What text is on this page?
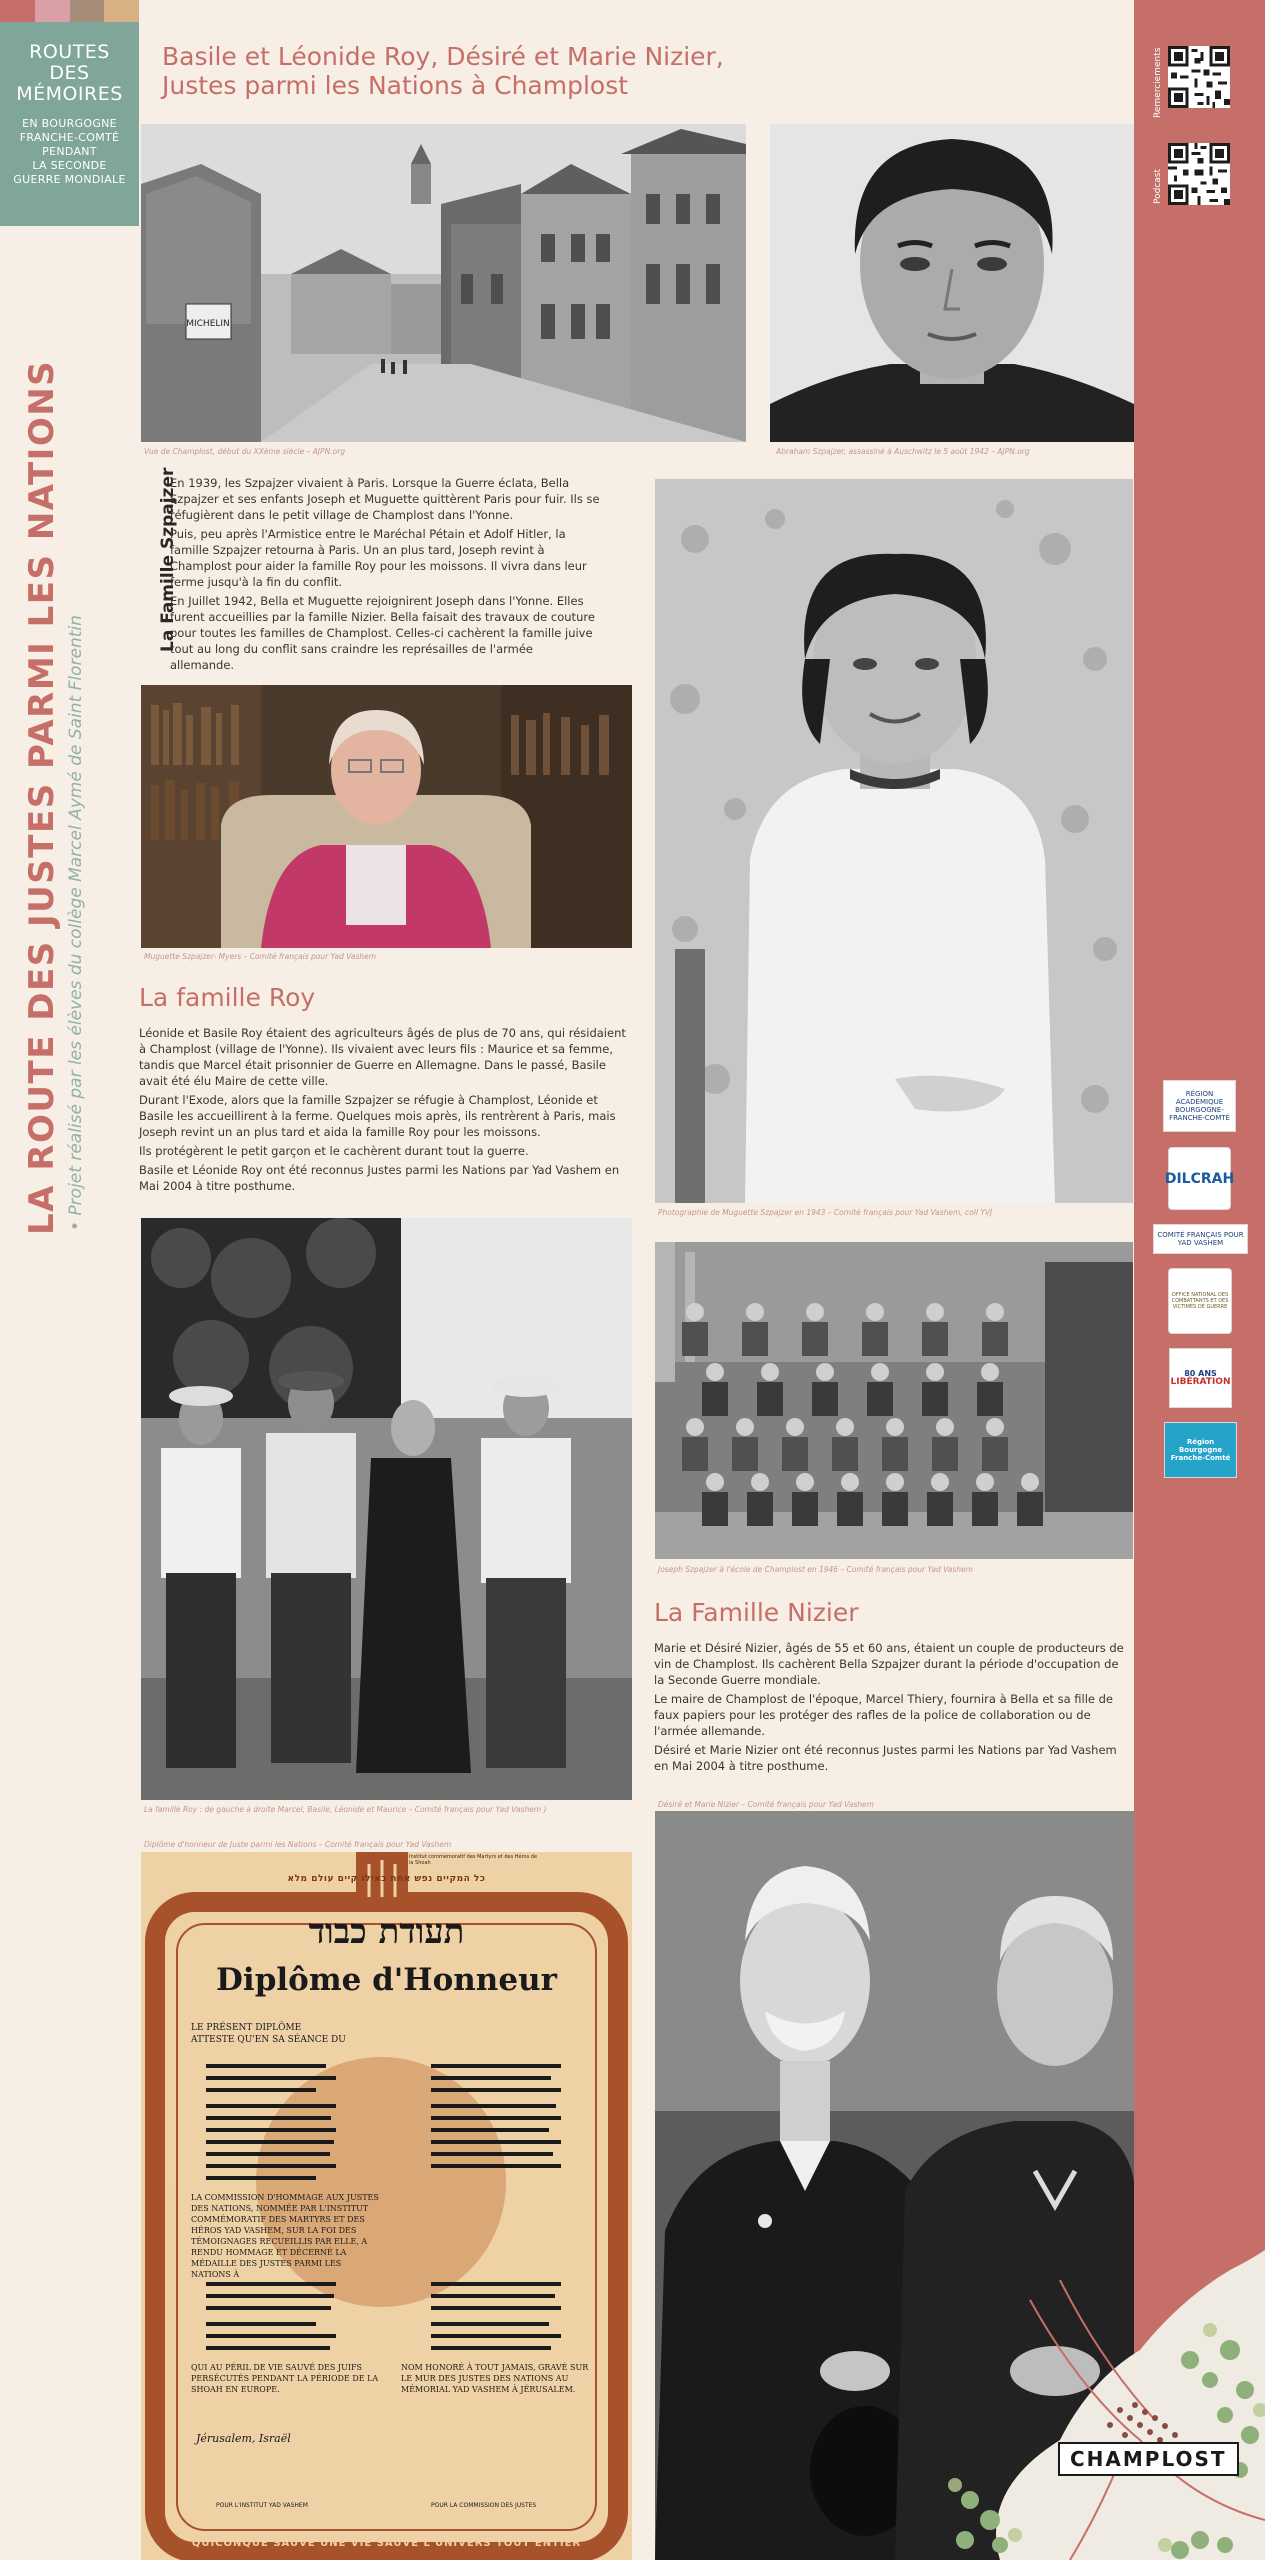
ROUTES
DES
MÉMOIRES
EN BOURGOGNE
FRANCHE-COMTÉ
PENDANT
LA SECONDE
GUERRE MONDIALE
LA ROUTE DES JUSTES PARMI LES NATIONS • Projet réalisé par les élèves du collège Marcel Aymé de Saint Florentin
Basile et Léonide Roy, Désiré et Marie Nizier,
Justes parmi les Nations à Champlost	Remerciements
Podcast
MICHELIN
Vue de Champlost, début du XXème siècle – AJPN.org	Abraham Szpajzer, assassiné à Auschwitz le 5 août 1942 – AJPN.org
La Famille Szpajzer

En 1939, les Szpajzer vivaient à Paris. Lorsque la Guerre éclata, Bella Szpajzer et ses enfants Joseph et Muguette quittèrent Paris pour fuir. Ils se réfugièrent dans le petit village de Champlost dans l'Yonne.

Puis, peu après l'Armistice entre le Maréchal Pétain et Adolf Hitler, la famille Szpajzer retourna à Paris. Un an plus tard, Joseph revint à Champlost pour aider la famille Roy pour les moissons. Il vivra dans leur ferme jusqu'à la fin du conflit.

En Juillet 1942, Bella et Muguette rejoignirent Joseph dans l'Yonne. Elles furent accueillies par la famille Nizier. Bella faisait des travaux de couture pour toutes les familles de Champlost. Celles-ci cachèrent la famille juive tout au long du conflit sans craindre les représailles de l'armée allemande.

Muguette Szpajzer- Myers – Comité français pour Yad Vashem
La famille Roy

Léonide et Basile Roy étaient des agriculteurs âgés de plus de 70 ans, qui résidaient à Champlost (village de l'Yonne). Ils vivaient avec leurs fils : Maurice et sa femme, tandis que Marcel était prisonnier de Guerre en Allemagne. Dans le passé, Basile avait été élu Maire de cette ville.

Durant l'Exode, alors que la famille Szpajzer se réfugie à Champlost, Léonide et Basile les accueillirent à la ferme. Quelques mois après, ils rentrèrent à Paris, mais Joseph revint un an plus tard et aida la famille Roy pour les moissons.

Ils protégèrent le petit garçon et le cachèrent durant tout la guerre.

Basile et Léonide Roy ont été reconnus Justes parmi les Nations par Yad Vashem en Mai 2004 à titre posthume.

Photographie de Muguette Szpajzer en 1943 – Comité français pour Yad Vashem, coll YVJ
La famille Roy : de gauche à droite Marcel, Basile, Léonide et Maurice – Comité français pour Yad Vashem )
Joseph Szpajzer à l'école de Champlost en 1946 – Comité français pour Yad Vashem
La Famille Nizier

Marie et Désiré Nizier, âgés de 55 et 60 ans, étaient un couple de producteurs de vin de Champlost. Ils cachèrent Bella Szpajzer durant la période d'occupation de la Seconde Guerre mondiale.

Le maire de Champlost de l'époque, Marcel Thiery, fournira à Bella et sa fille de faux papiers pour les protéger des rafles de la police de collaboration ou de l'armée allemande.

Désiré et Marie Nizier ont été reconnus Justes parmi les Nations par Yad Vashem en Mai 2004 à titre posthume.

Diplôme d'honneur de Juste parmi les Nations – Comité français pour Yad Vashem
תעודת כבוד
Diplôme d'Honneur
כל המקיים נפש אחת כאילו קיים עולם מלא
QUICONQUE SAUVE UNE VIE SAUVE L'UNIVERS TOUT ENTIER
Institut commémoratif des Martyrs et des Héros de la Shoah
LE PRÉSENT DIPLÔME ATTESTE QU'EN SA SÉANCE DU
LA COMMISSION D'HOMMAGE AUX JUSTES DES NATIONS, NOMMÉE PAR L'INSTITUT COMMÉMORATIF DES MARTYRS ET DES HÉROS YAD VASHEM, SUR LA FOI DES TÉMOIGNAGES RECUEILLIS PAR ELLE, A RENDU HOMMAGE ET DÉCERNÉ LA MÉDAILLE DES JUSTES PARMI LES NATIONS À
QUI AU PÉRIL DE VIE SAUVÉ DES JUIFS PERSÉCUTÉS PENDANT LA PÉRIODE DE LA SHOAH EN EUROPE.
NOM HONORÉ À TOUT JAMAIS, GRAVÉ SUR LE MUR DES JUSTES DES NATIONS AU MÉMORIAL YAD VASHEM À JÉRUSALEM.
Jérusalem, Israël
POUR LA COMMISSION DES JUSTES
POUR L'INSTITUT YAD VASHEM
Désiré et Marie Nizier – Comité français pour Yad Vashem
CHAMPLOST
RÉGION ACADÉMIQUE BOURGOGNE-FRANCHE-COMTÉ
DILCRAH
COMITÉ FRANÇAIS POUR YAD VASHEM
OFFICE NATIONAL DES COMBATTANTS ET DES VICTIMES DE GUERRE
80 ANS
LIBÉRATION
Région Bourgogne Franche-Comté
